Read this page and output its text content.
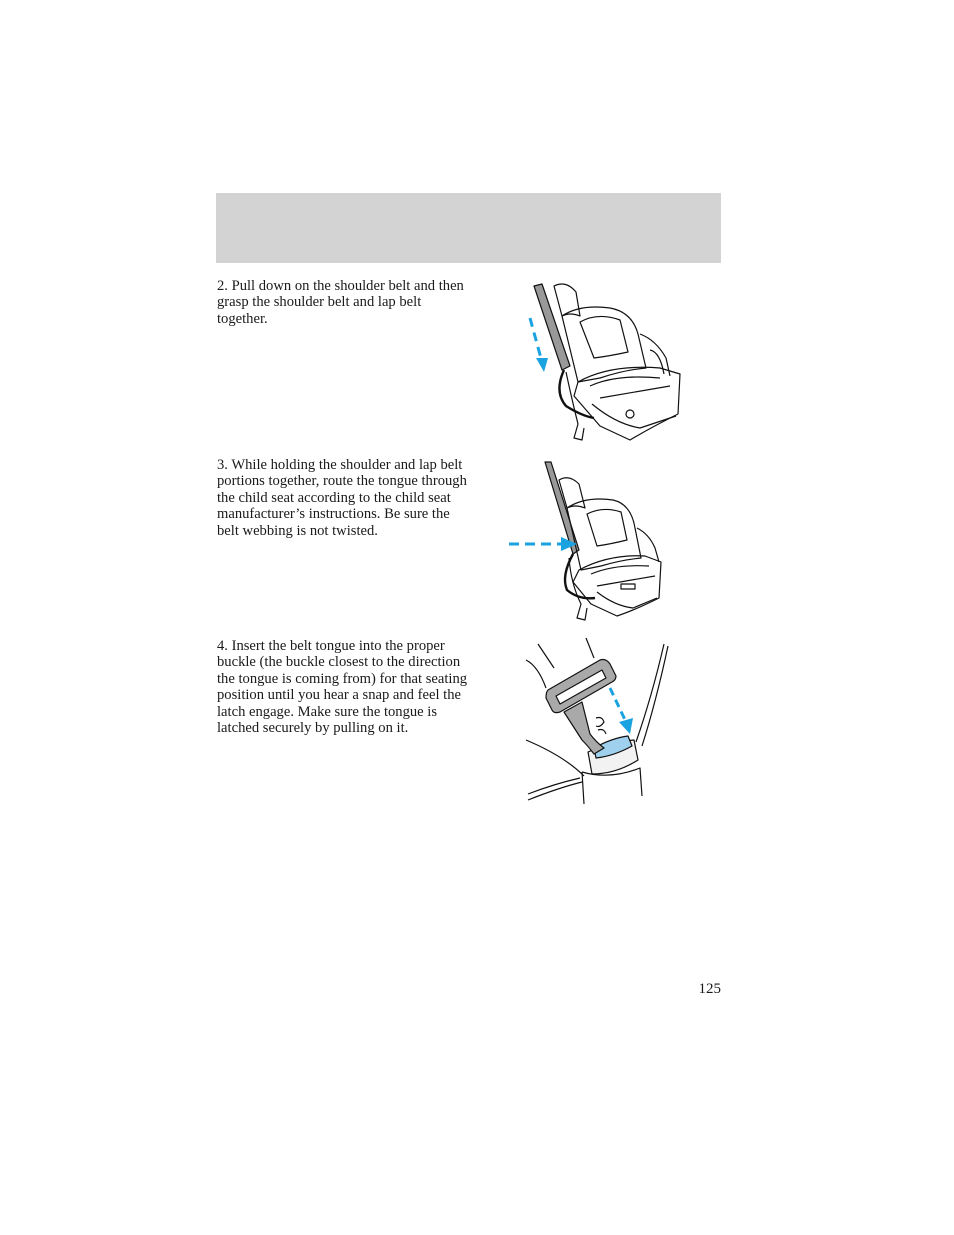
2. Pull down on the shoulder belt and then grasp the shoulder belt and lap belt together.

3. While holding the shoulder and lap belt portions together, route the tongue through the child seat according to the child seat manufacturer’s instructions. Be sure the belt webbing is not twisted.

4. Insert the belt tongue into the proper buckle (the buckle closest to the direction the tongue is coming from) for that seating position until you hear a snap and feel the latch engage. Make sure the tongue is latched securely by pulling on it.

125
